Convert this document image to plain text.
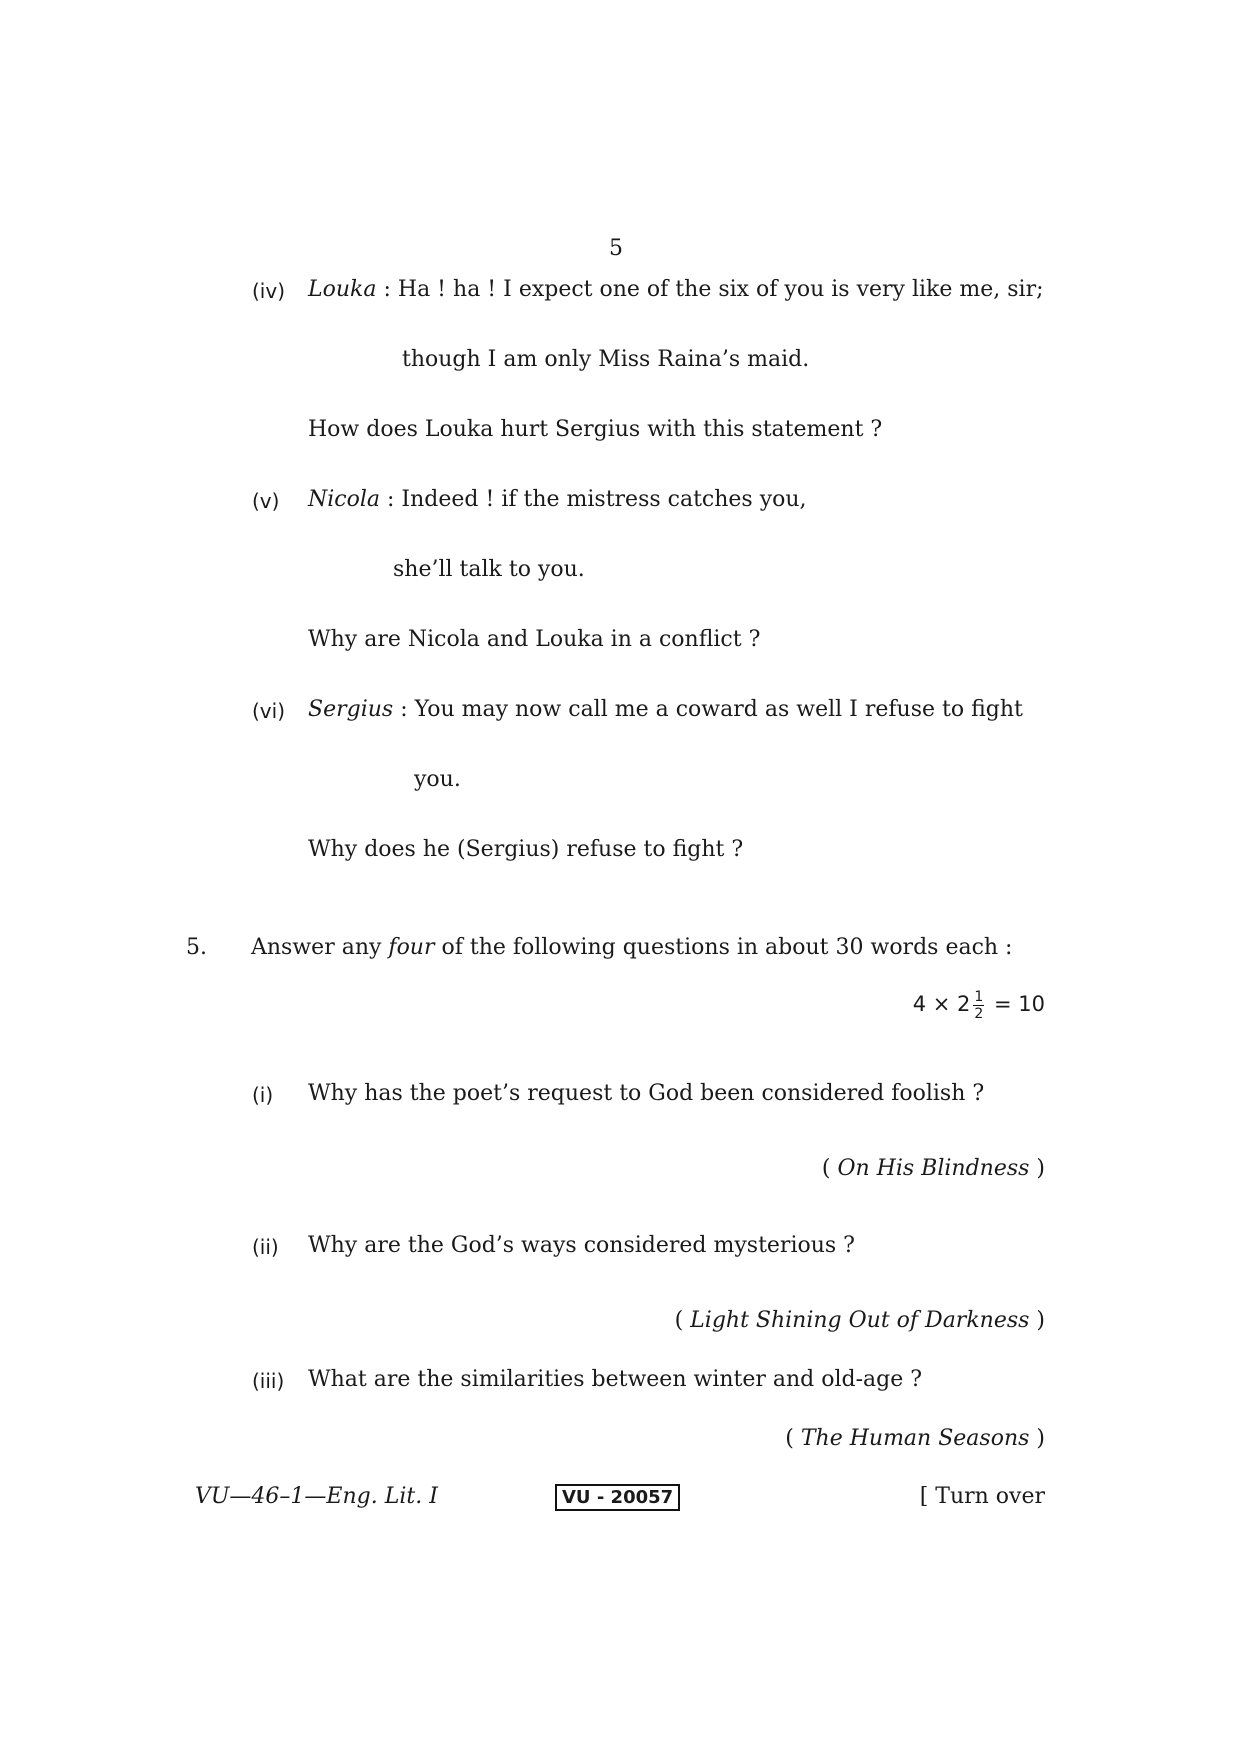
5
(iv) Louka : Ha ! ha ! I expect one of the six of you is very like me, sir;
though I am only Miss Raina’s maid.
How does Louka hurt Sergius with this statement ?
(v) Nicola : Indeed ! if the mistress catches you,
she’ll talk to you.
Why are Nicola and Louka in a conflict ?
(vi) Sergius : You may now call me a coward as well I refuse to fight
you.
Why does he (Sergius) refuse to fight ?
5. Answer any four of the following questions in about 30 words each :
$4 \times 2 \frac{1}{2} = 10$
(i) Why has the poet’s request to God been considered foolish ?
( On His Blindness )
(ii) Why are the God’s ways considered mysterious ?
( Light Shining Out of Darkness )
(iii) What are the similarities between winter and old-age ?
( The Human Seasons )
VU—46–1—Eng. Lit. I	VU - 20057	[ Turn over
